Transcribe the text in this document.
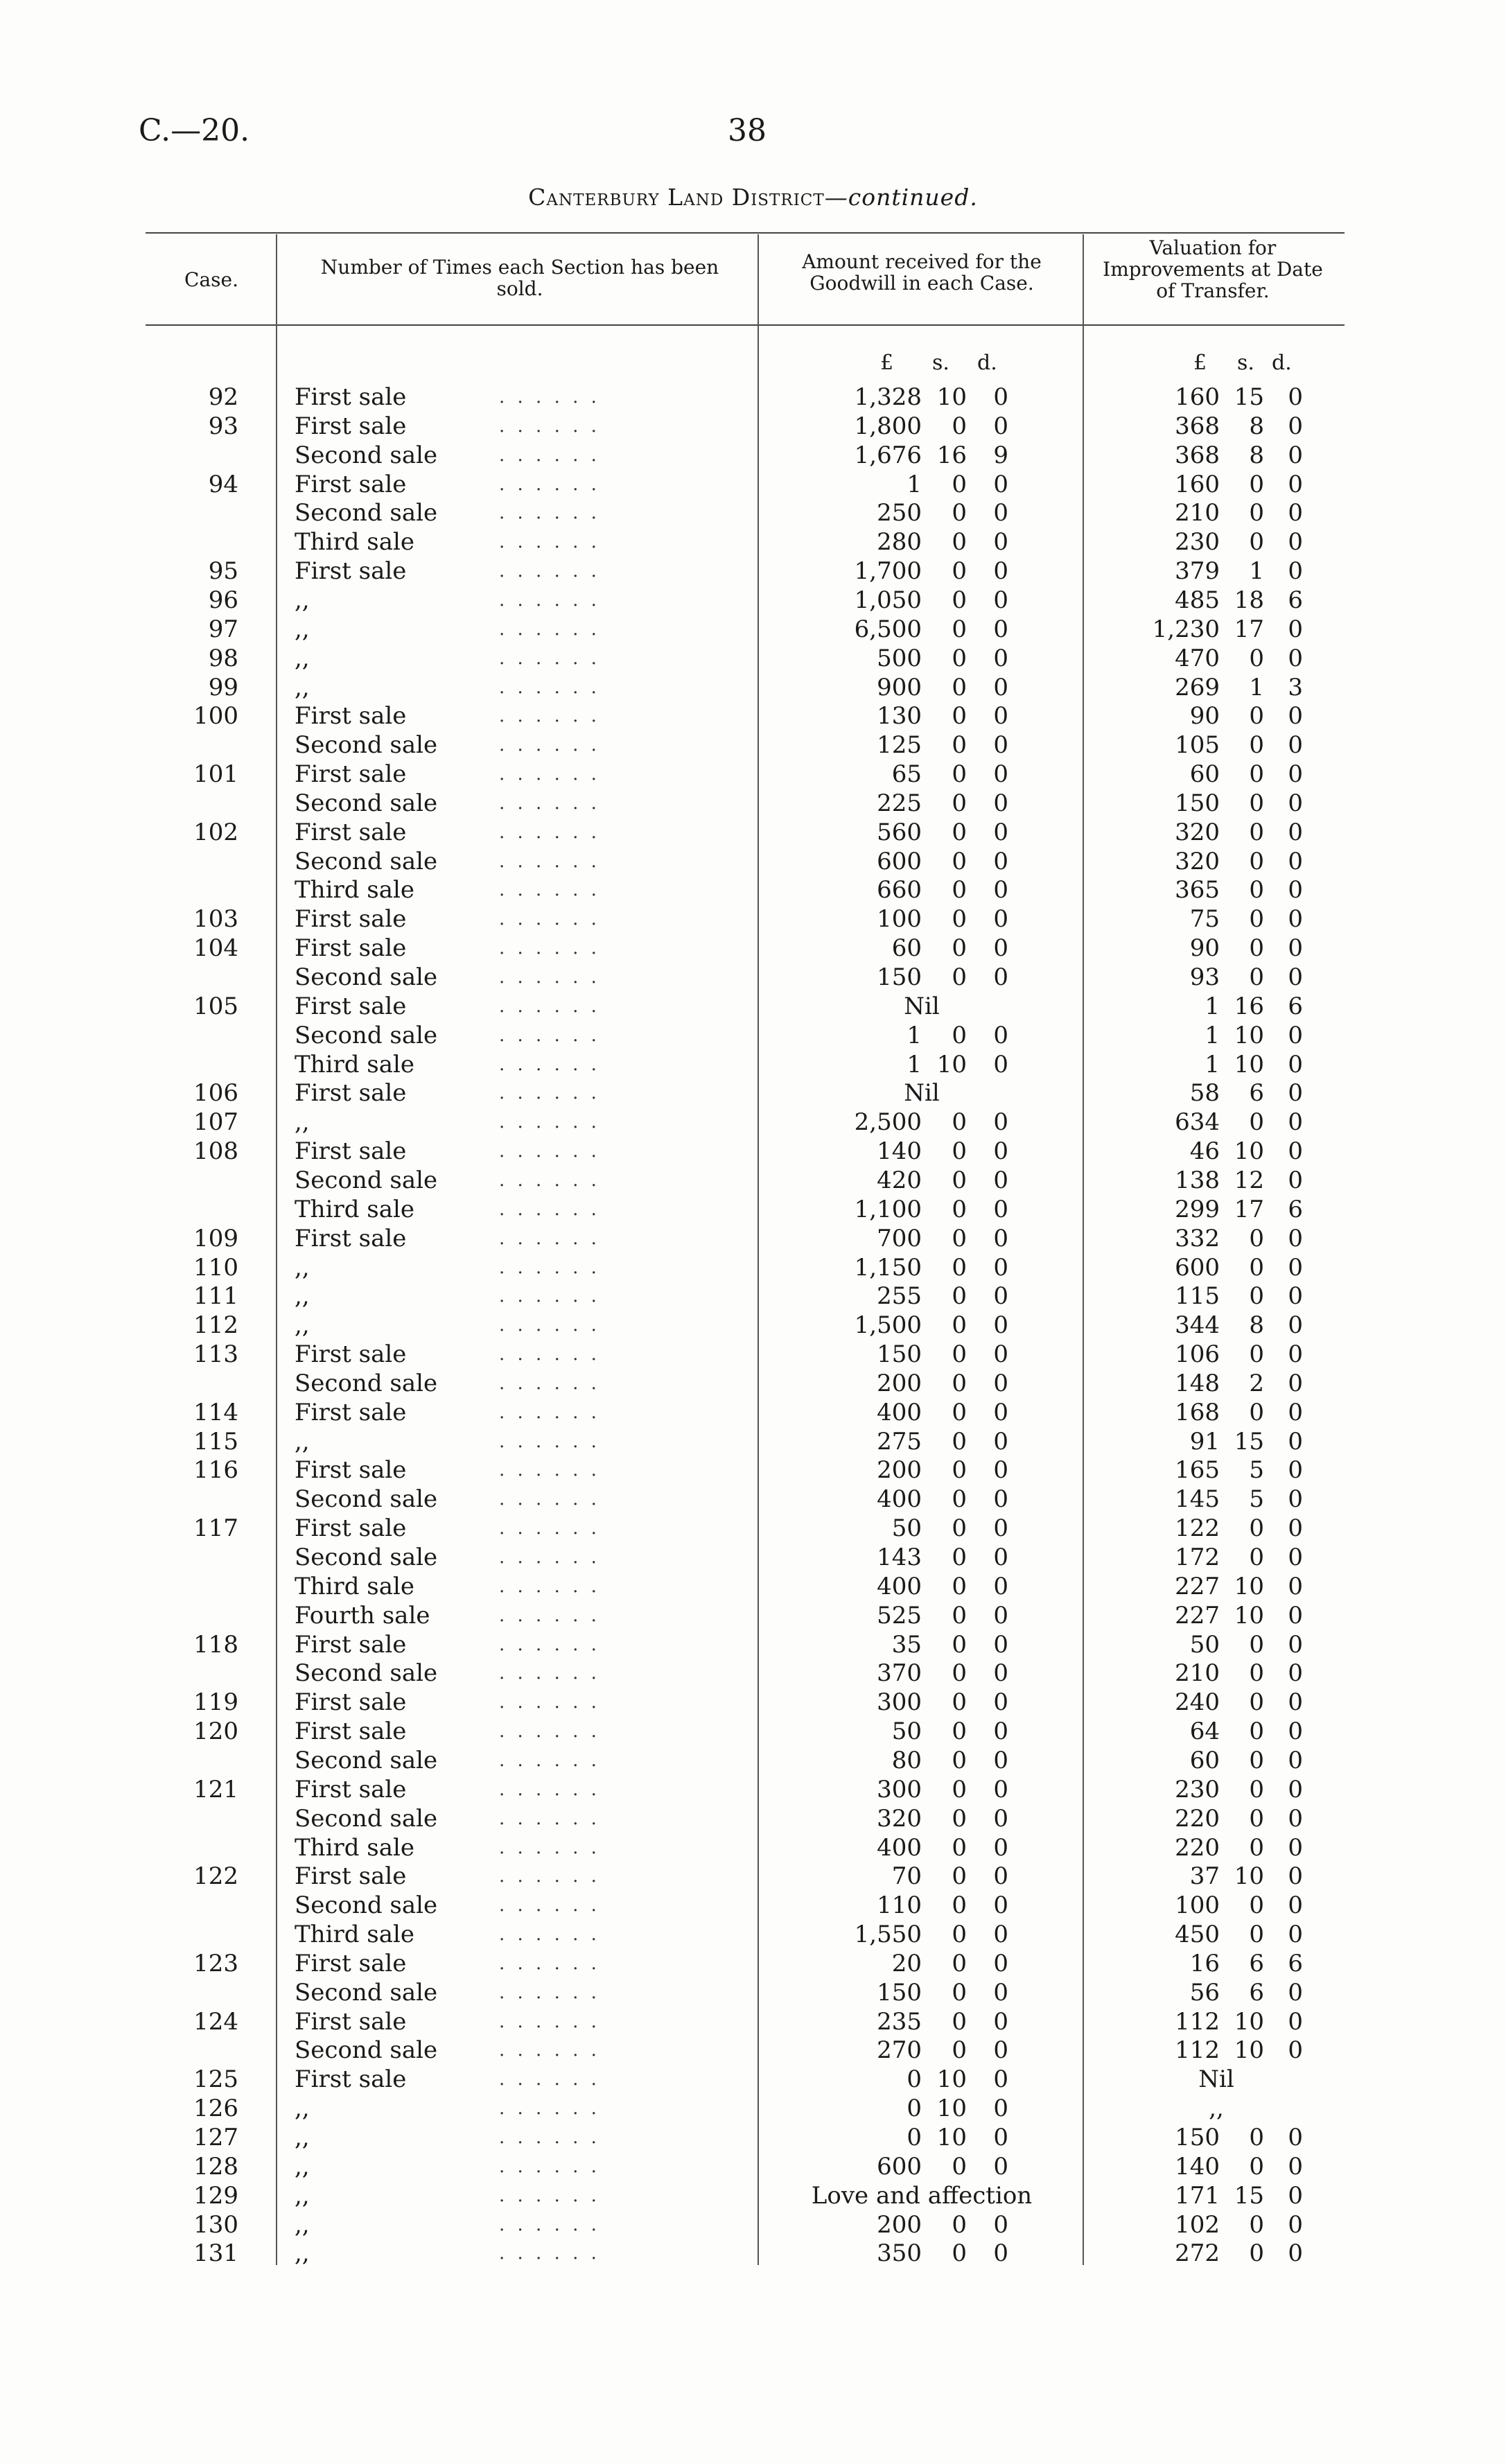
C.—20.	38
Canterbury Land District—continued.
Case.
Number of Times each Section has been sold.
Amount received for the Goodwill in each Case.
Valuation for Improvements at Date of Transfer.
£ s. d.	£ s. d.
92 First sale	. . . . . .	1,328 10	0	160 15	0
93 First sale	. . . . . .	1,800	0	0	368	8	0
Second sale	. . . . . .	1,676 16	9	368	8	0
94 First sale	. . . . . .	1	0	0	160	0	0
Second sale	. . . . . .	250	0	0	210	0	0
Third sale	. . . . . .	280	0	0	230	0	0
95 First sale	. . . . . .	1,700	0	0	379	1	0
96 ,,	. . . . . .	1,050	0	0	485 18	6
97 ,,	. . . . . .	6,500	0	0	1,230 17	0
98 ,,	. . . . . .	500	0	0	470	0	0
99 ,,	. . . . . .	900	0	0	269	1	3
100 First sale	. . . . . .	130	0	0	90	0	0
Second sale	. . . . . .	125	0	0	105	0	0
101 First sale	. . . . . .	65	0	0	60	0	0
Second sale	. . . . . .	225	0	0	150	0	0
102 First sale	. . . . . .	560	0	0	320	0	0
Second sale	. . . . . .	600	0	0	320	0	0
Third sale	. . . . . .	660	0	0	365	0	0
103 First sale	. . . . . .	100	0	0	75	0	0
104 First sale	. . . . . .	60	0	0	90	0	0
Second sale	. . . . . .	150	0	0	93	0	0
105 First sale	. . . . . .	Nil	1 16	6
Second sale	. . . . . .	1	0	0	1 10	0
Third sale	. . . . . .	1 10	0	1 10	0
106 First sale	. . . . . .	Nil	58	6	0
107 ,,	. . . . . .	2,500	0	0	634	0	0
108 First sale	. . . . . .	140	0	0	46 10	0
Second sale	. . . . . .	420	0	0	138 12	0
Third sale	. . . . . .	1,100	0	0	299 17	6
109 First sale	. . . . . .	700	0	0	332	0	0
110 ,,	. . . . . .	1,150	0	0	600	0	0
111 ,,	. . . . . .	255	0	0	115	0	0
112 ,,	. . . . . .	1,500	0	0	344	8	0
113 First sale	. . . . . .	150	0	0	106	0	0
Second sale	. . . . . .	200	0	0	148	2	0
114 First sale	. . . . . .	400	0	0	168	0	0
115 ,,	. . . . . .	275	0	0	91 15	0
116 First sale	. . . . . .	200	0	0	165	5	0
Second sale	. . . . . .	400	0	0	145	5	0
117 First sale	. . . . . .	50	0	0	122	0	0
Second sale	. . . . . .	143	0	0	172	0	0
Third sale	. . . . . .	400	0	0	227 10	0
Fourth sale	. . . . . .	525	0	0	227 10	0
118 First sale	. . . . . .	35	0	0	50	0	0
Second sale	. . . . . .	370	0	0	210	0	0
119 First sale	. . . . . .	300	0	0	240	0	0
120 First sale	. . . . . .	50	0	0	64	0	0
Second sale	. . . . . .	80	0	0	60	0	0
121 First sale	. . . . . .	300	0	0	230	0	0
Second sale	. . . . . .	320	0	0	220	0	0
Third sale	. . . . . .	400	0	0	220	0	0
122 First sale	. . . . . .	70	0	0	37 10	0
Second sale	. . . . . .	110	0	0	100	0	0
Third sale	. . . . . .	1,550	0	0	450	0	0
123 First sale	. . . . . .	20	0	0	16	6	6
Second sale	. . . . . .	150	0	0	56	6	0
124 First sale	. . . . . .	235	0	0	112 10	0
Second sale	. . . . . .	270	0	0	112 10	0
125 First sale	. . . . . .	0 10	0	Nil
126 ,,	. . . . . .	0 10	0	,,
127 ,,	. . . . . .	0 10	0	150	0	0
128 ,,	. . . . . .	600	0	0	140	0	0
129 ,,	. . . . . .	Love and affection	171 15	0
130 ,,	. . . . . .	200	0	0	102	0	0
131 ,,	. . . . . .	350	0	0	272	0	0
